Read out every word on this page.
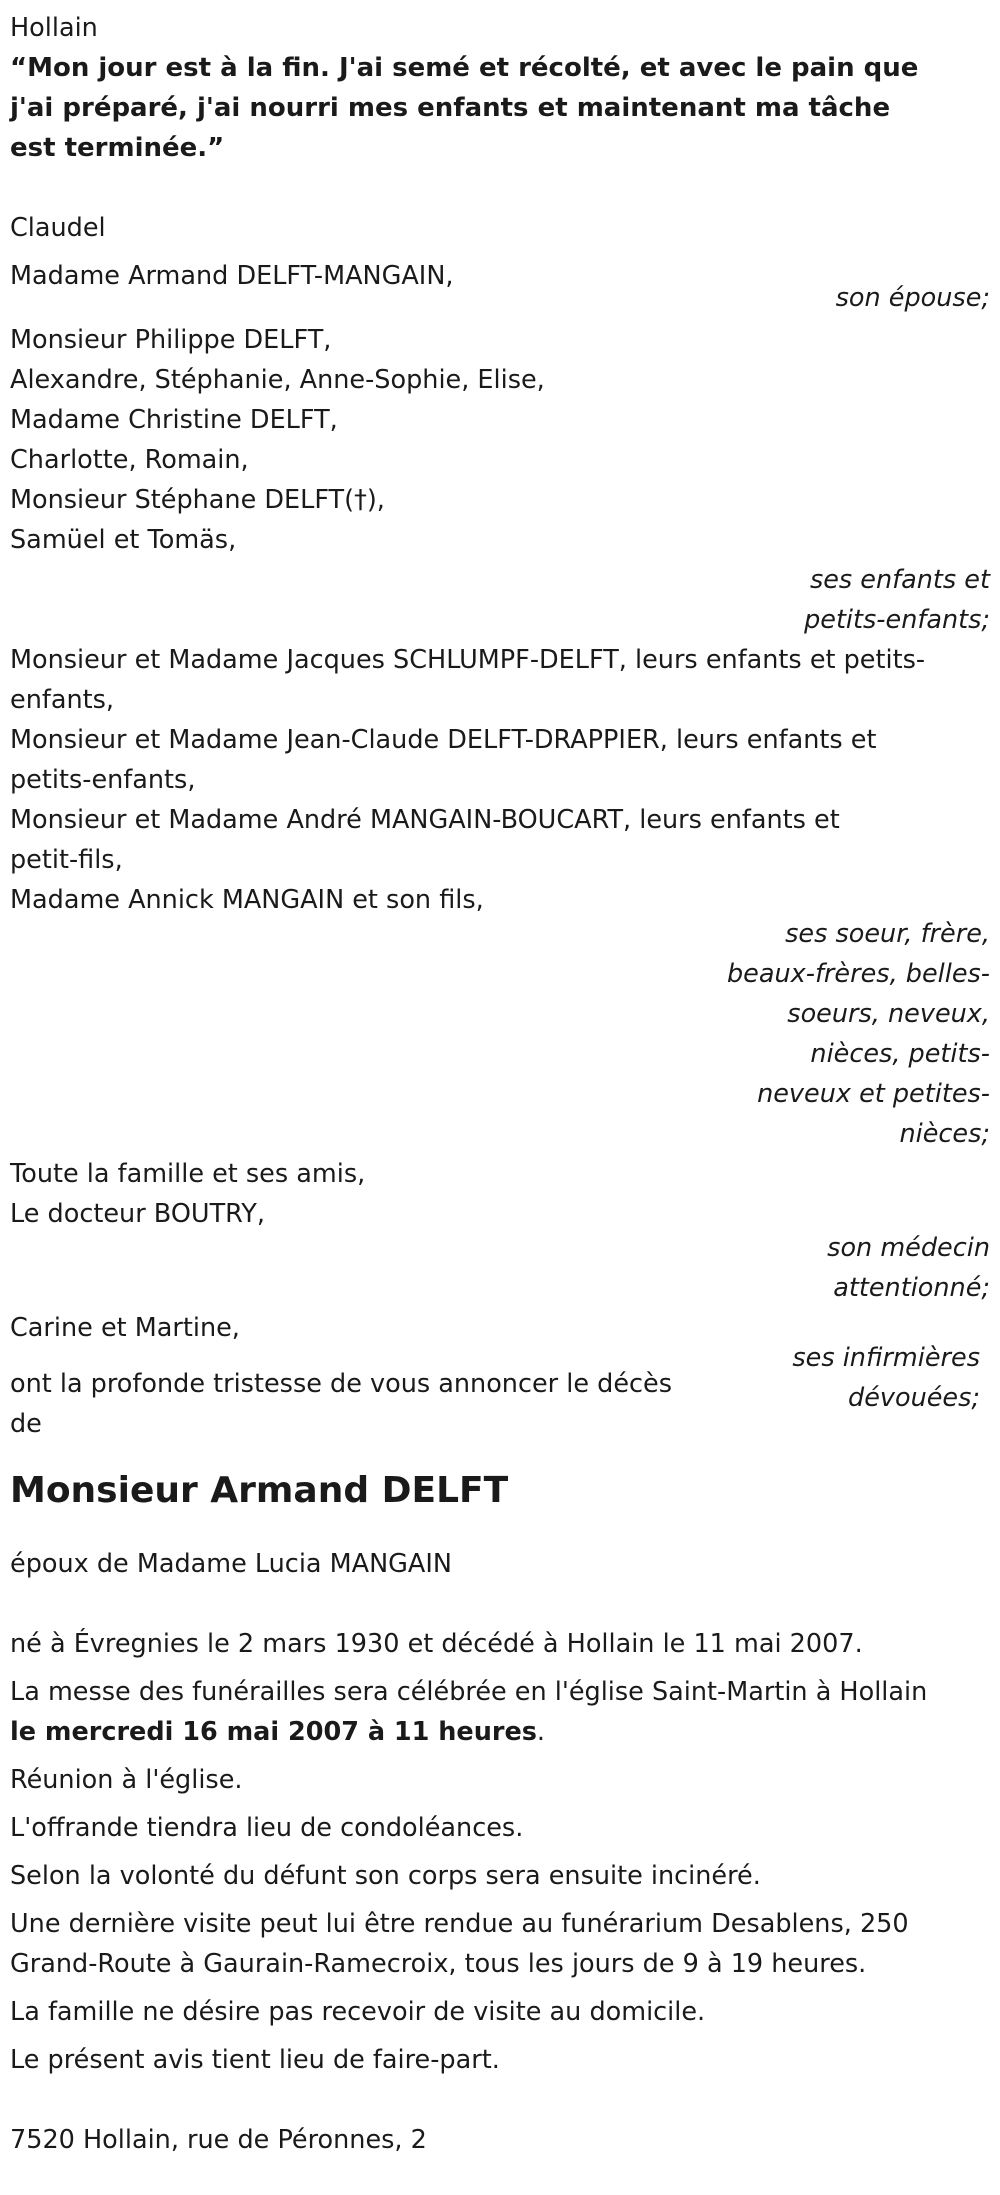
Hollain

“Mon jour est à la fin. J'ai semé et récolté, et avec le pain que j'ai préparé, j'ai nourri mes enfants et maintenant ma tâche est terminée.”

Claudel

Madame Armand DELFT-MANGAIN,

son épouse;

Monsieur Philippe DELFT,

Alexandre, Stéphanie, Anne-Sophie, Elise,

Madame Christine DELFT,

Charlotte, Romain,

Monsieur Stéphane DELFT(†),

Samüel et Tomäs,

ses enfants et

petits-enfants;

Monsieur et Madame Jacques SCHLUMPF-DELFT, leurs enfants et petits-

enfants,

Monsieur et Madame Jean-Claude DELFT-DRAPPIER, leurs enfants et

petits-enfants,

Monsieur et Madame André MANGAIN-BOUCART, leurs enfants et

petit-fils,

Madame Annick MANGAIN et son fils,

ses soeur, frère,

beaux-frères, belles-

soeurs, neveux,

nièces, petits-

neveux et petites-

nièces;

Toute la famille et ses amis,

Le docteur BOUTRY,

son médecin

attentionné;

Carine et Martine,

ses infirmières
dévouées;

ont la profonde tristesse de vous annoncer le décès

de

Monsieur Armand DELFT

époux de Madame Lucia MANGAIN

né à Évregnies le 2 mars 1930 et décédé à Hollain le 11 mai 2007.

La messe des funérailles sera célébrée en l'église Saint-Martin à Hollain

le mercredi 16 mai 2007 à 11 heures.

Réunion à l'église.

L'offrande tiendra lieu de condoléances.

Selon la volonté du défunt son corps sera ensuite incinéré.

Une dernière visite peut lui être rendue au funérarium Desablens, 250

Grand-Route à Gaurain-Ramecroix, tous les jours de 9 à 19 heures.

La famille ne désire pas recevoir de visite au domicile.

Le présent avis tient lieu de faire-part.

7520 Hollain, rue de Péronnes, 2
